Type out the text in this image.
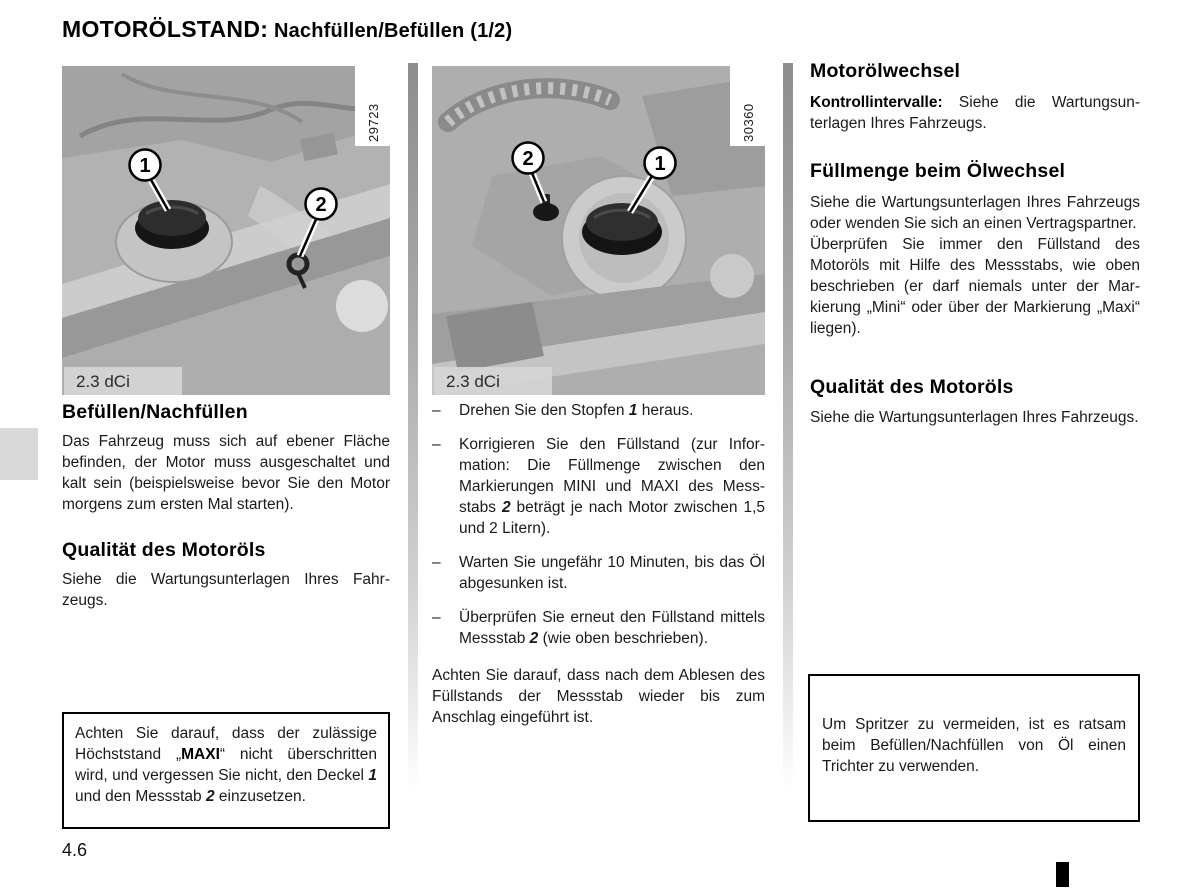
MOTORÖLSTAND: Nachfüllen/Befüllen (1/2)
1
2
29723
2.3 dCi
2	1
30360
2.3 dCi
Befüllen/Nachfüllen

Das Fahrzeug muss sich auf ebener Fläche befinden, der Motor muss ausgeschaltet und kalt sein (beispielsweise bevor Sie den Motor morgens zum ersten Mal starten).

Qualität des Motoröls

Siehe die Wartungsunterlagen Ihres Fahrzeugs.

Achten Sie darauf, dass der zulässige Höchststand „MAXI“ nicht überschritten wird, und vergessen Sie nicht, den Deckel 1 und den Messstab 2 einzusetzen.

–	Drehen Sie den Stopfen 1 heraus.

–	Korrigieren Sie den Füllstand (zur Information: Die Füllmenge zwischen den Markierungen MINI und MAXI des Messstabs 2 beträgt je nach Motor zwischen 1,5 und 2 Litern).

–	Warten Sie ungefähr 10 Minuten, bis das Öl abgesunken ist.

–	Überprüfen Sie erneut den Füllstand mittels Messstab 2 (wie oben beschrieben).

Achten Sie darauf, dass nach dem Ablesen des Füllstands der Messstab wieder bis zum Anschlag eingeführt ist.

Motorölwechsel

Kontrollintervalle: Siehe die Wartungsunterlagen Ihres Fahrzeugs.

Füllmenge beim Ölwechsel

Siehe die Wartungsunterlagen Ihres Fahrzeugs oder wenden Sie sich an einen Vertragspartner.

Überprüfen Sie immer den Füllstand des Motoröls mit Hilfe des Messstabs, wie oben beschrieben (er darf niemals unter der Markierung „Mini“ oder über der Markierung „Maxi“ liegen).

Qualität des Motoröls

Siehe die Wartungsunterlagen Ihres Fahrzeugs.

Um Spritzer zu vermeiden, ist es ratsam beim Befüllen/Nachfüllen von Öl einen Trichter zu verwenden.

4.6
